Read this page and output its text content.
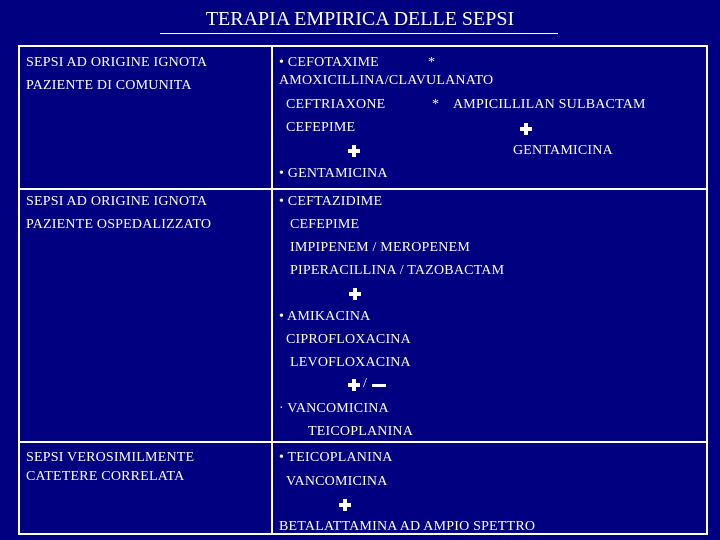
TERAPIA EMPIRICA DELLE SEPSI
SEPSI AD ORIGINE IGNOTA
PAZIENTE DI COMUNITA
• CEFOTAXIME	*
AMOXICILLINA/CLAVULANATO
CEFTRIAXONE	* AMPICILLILAN SULBACTAM
CEFEPIME
GENTAMICINA
• GENTAMICINA
SEPSI AD ORIGINE IGNOTA
PAZIENTE OSPEDALIZZATO
• CEFTAZIDIME
CEFEPIME
IMPIPENEM / MEROPENEM
PIPERACILLINA / TAZOBACTAM
• AMIKACINA
CIPROFLOXACINA
LEVOFLOXACINA
/
· VANCOMICINA
TEICOPLANINA
SEPSI VEROSIMILMENTE
CATETERE CORRELATA
• TEICOPLANINA
VANCOMICINA
BETALATTAMINA AD AMPIO SPETTRO
